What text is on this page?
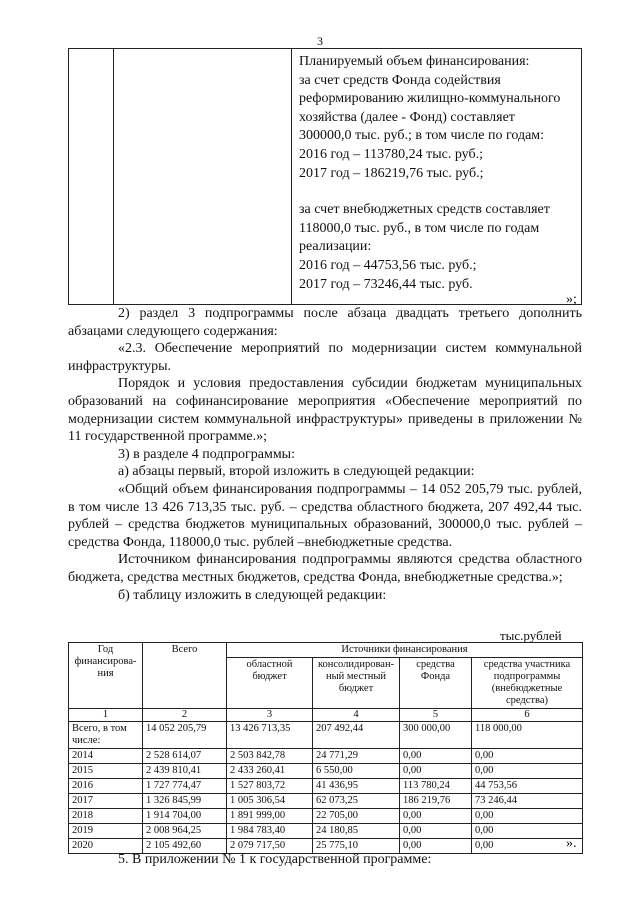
3

Планируемый объем финансирования:
за счет средств Фонда содействия
реформированию жилищно-коммунального
хозяйства (далее - Фонд) составляет
300000,0 тыс. руб.; в том числе по годам:
2016 год – 113780,24 тыс. руб.;
2017 год – 186219,76 тыс. руб.;
за счет внебюджетных средств составляет
118000,0 тыс. руб., в том числе по годам
реализации:
2016 год – 44753,56 тыс. руб.;
2017 год – 73246,44 тыс. руб.
»;

2) раздел 3 подпрограммы после абзаца двадцать третьего дополнить абзацами следующего содержания:

«2.3. Обеспечение мероприятий по модернизации систем коммунальной инфраструктуры.

Порядок и условия предоставления субсидии бюджетам муниципальных образований на софинансирование мероприятия «Обеспечение мероприятий по модернизации систем коммунальной инфраструктуры» приведены в приложении № 11 государственной программе.»;

3) в разделе 4 подпрограммы:

а) абзацы первый, второй изложить в следующей редакции:

«Общий объем финансирования подпрограммы – 14 052 205,79 тыс. рублей, в том числе 13 426 713,35 тыс. руб. – средства областного бюджета, 207 492,44 тыс. рублей – средства бюджетов муниципальных образований, 300000,0 тыс. рублей – средства Фонда, 118000,0 тыс. рублей –внебюджетные средства.

Источником финансирования подпрограммы являются средства областного бюджета, средства местных бюджетов, средства Фонда, внебюджетные средства.»;

б) таблицу изложить в следующей редакции:

тыс.рублей
Год финансирова-ния	Всего	Источники финансирования			
		областной бюджет	консолидирован-ный местный бюджет	средства Фонда	средства участника подпрограммы (внебюджетные средства)
1	2	3	4	5	6
Всего, в том числе:	14 052 205,79	13 426 713,35	207 492,44	300 000,00	118 000,00
2014	2 528 614,07	2 503 842,78	24 771,29	0,00	0,00
2015	2 439 810,41	2 433 260,41	6 550,00	0,00	0,00
2016	1 727 774,47	1 527 803,72	41 436,95	113 780,24	44 753,56
2017	1 326 845,99	1 005 306,54	62 073,25	186 219,76	73 246,44
2018	1 914 704,00	1 891 999,00	22 705,00	0,00	0,00
2019	2 008 964,25	1 984 783,40	24 180,85	0,00	0,00
2020	2 105 492,60	2 079 717,50	25 775,10	0,00	0,00	».
5. В приложении № 1 к государственной программе:
